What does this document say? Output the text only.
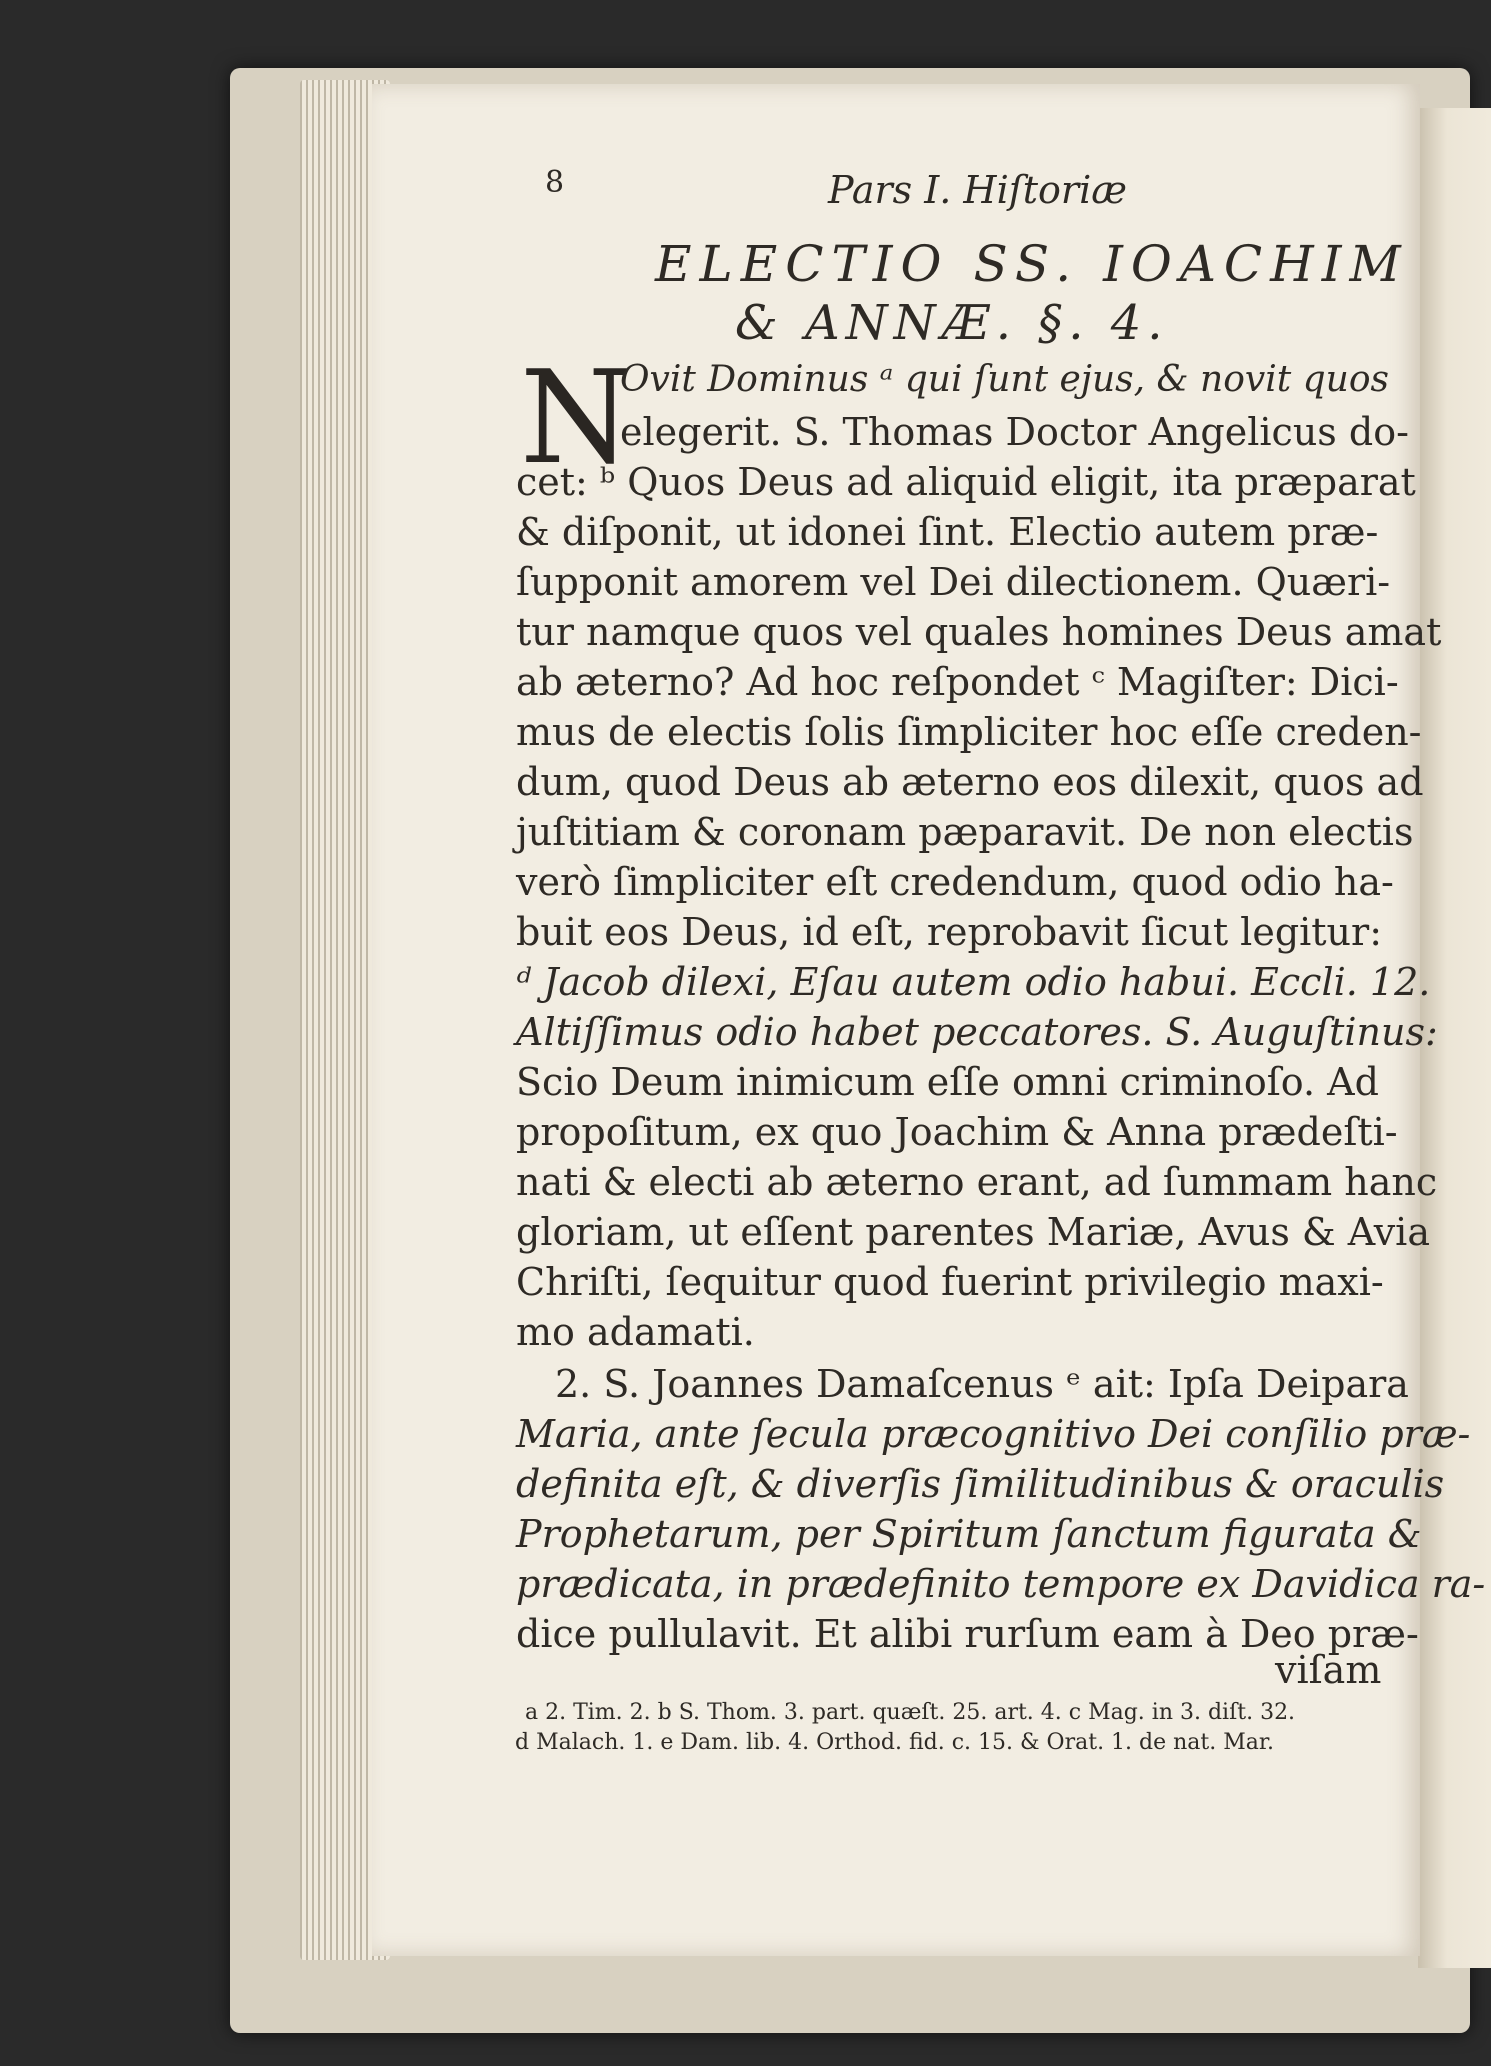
8	Pars I. Hiſtoriæ
ELECTIO SS. IOACHIM
& ANNÆ. §. 4.
N
Ovit Dominus ᵃ qui ſunt ejus, & novit quos
elegerit. S. Thomas Doctor Angelicus do-
cet: ᵇ Quos Deus ad aliquid eligit, ita præparat
& diſponit, ut idonei ſint. Electio autem præ-
ſupponit amorem vel Dei dilectionem. Quæri-
tur namque quos vel quales homines Deus amat
ab æterno? Ad hoc reſpondet ᶜ Magiſter: Dici-
mus de electis ſolis ſimpliciter hoc eſſe creden-
dum, quod Deus ab æterno eos dilexit, quos ad
juſtitiam & coronam pæparavit. De non electis
verò ſimpliciter eſt credendum, quod odio ha-
buit eos Deus, id eſt, reprobavit ſicut legitur:
ᵈ Jacob dilexi, Eſau autem odio habui. Eccli. 12.
Altiſſimus odio habet peccatores. S. Auguſtinus:
Scio Deum inimicum eſſe omni criminoſo. Ad
propoſitum, ex quo Joachim & Anna prædeſti-
nati & electi ab æterno erant, ad ſummam hanc
gloriam, ut eſſent parentes Mariæ, Avus & Avia
Chriſti, ſequitur quod fuerint privilegio maxi-
mo adamati.
2. S. Joannes Damaſcenus ᵉ ait: Ipſa Deipara
Maria, ante ſecula præcognitivo Dei conſilio præ-
definita eſt, & diverſis ſimilitudinibus & oraculis
Prophetarum, per Spiritum ſanctum figurata &
prædicata, in prædefinito tempore ex Davidica ra-
dice pullulavit. Et alibi rurſum eam à Deo præ-
viſam
a 2. Tim. 2. b S. Thom. 3. part. quæſt. 25. art. 4. c Mag. in 3. diſt. 32.
d Malach. 1. e Dam. lib. 4. Orthod. fid. c. 15. & Orat. 1. de nat. Mar.
